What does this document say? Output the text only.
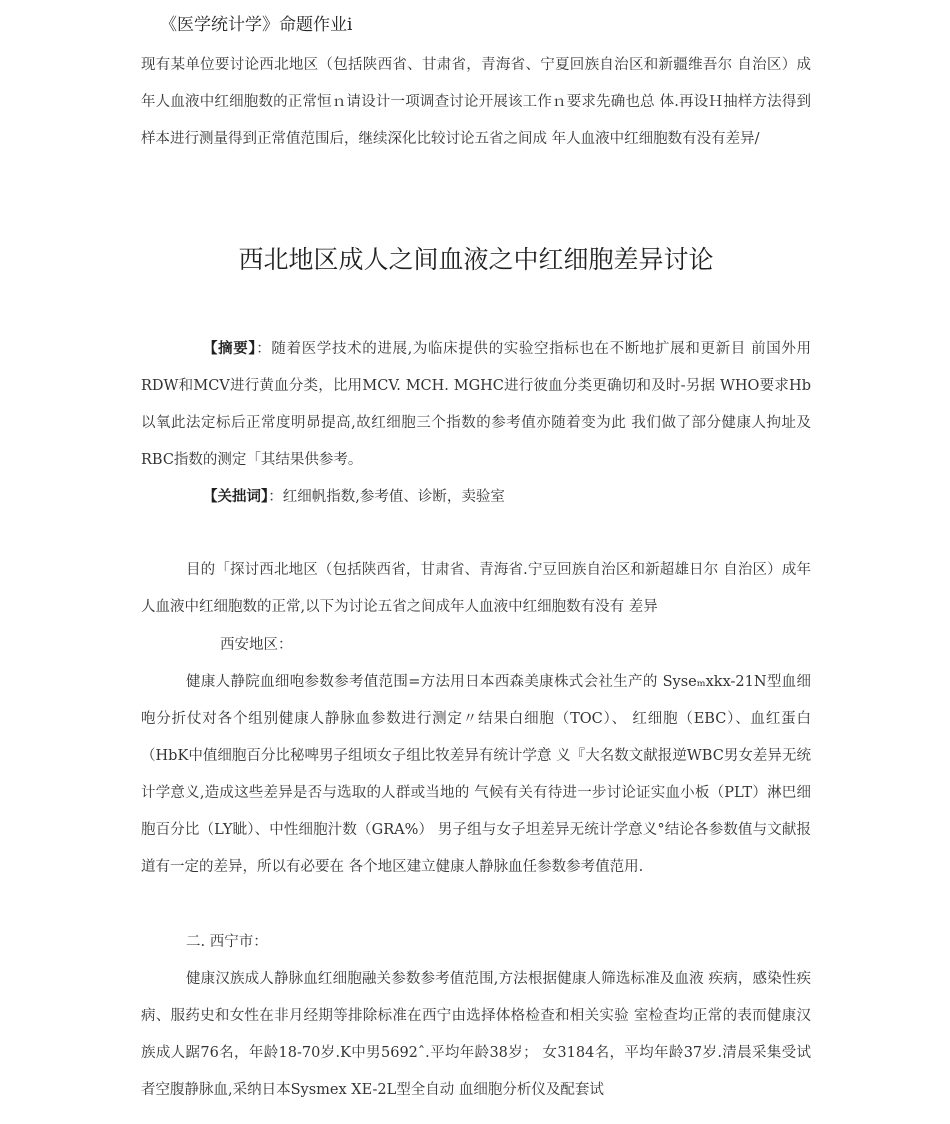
《医学统计学》命题作业ⅰ

现有某单位要讨论西北地区（包括陕西省、甘肃省，青海省、宁夏回族自治区和新疆维吾尔 自治区）成年人血液中红细胞数的正常恒ｎ请设计一项调查讨论开展该工作ｎ要求先确也总 体.再设Ｈ抽样方法得到样本进行测量得到正常值范围后，继续深化比较讨论五省之间成 年人血液中红细胞数有没有差异/

西北地区成人之间血液之中红细胞差异讨论

【摘要】：随着医学技术的进展,为临床提供的实验空指标也在不断地扩展和更新目 前国外用RDW和MCV进行黄血分类，比用MCV. MCH. MGHC进行彼血分类更确切和及时-另据 WHO要求Hb以氧此法定标后正常度明昴提高,故红细胞三个指数的参考值亦随着变为此 我们做了部分健康人拘址及RBC指数的测定「其结果供参考。

【关拙词】：红细帆指数,参考值、诊断，卖验室

目的「探讨西北地区（包括陕西省，甘肃省、青海省.宁豆回族自治区和新超雄日尔 自治区）成年人血液中红细胞数的正常,以下为讨论五省之间成年人血液中红细胞数有没有 差异

西安地区：

健康人静院血细咆参数参考值范围=方法用日本西森美康株式会社生产的 Syseₘxkx-21N型血细咆分折仗对各个组别健康人静脉血参数进行测定〃结果白细胞（TOC）、 红细胞（EBC）、血红蛋白（HbK中值细胞百分比秘啤男子组顷女子组比牧差异有统计学意 义『大名数文献报逆WBC男女差异无统计学意义,造成这些差异是否与选取的人群或当地的 气候有关有待进一步讨论证实血小板（PLT）淋巴细胞百分比（LY眦）、中性细胞汁数（GRA%） 男子组与女子坦差异无统计学意义°结论各参数值与文献报道有一定的差异，所以有必要在 各个地区建立健康人静脉血任参数参考值范用.

二. 西宁市：

健康汉族成人静脉血红细胞融关参数参考值范围,方法根据健康人筛选标准及血液 疾病，感染性疾病、服药史和女性在非月经期等排除标准在西宁由选择体格检查和相关实验 室检查均正常的表而健康汉族成人踞76名，年龄18-70岁.K中男5692ˆ.平均年龄38岁； 女3184名，平均年龄37岁.清晨采集受试者空腹静脉血,采纳日本Sysmex XE-2L型全自动 血细胞分析仪及配套试
